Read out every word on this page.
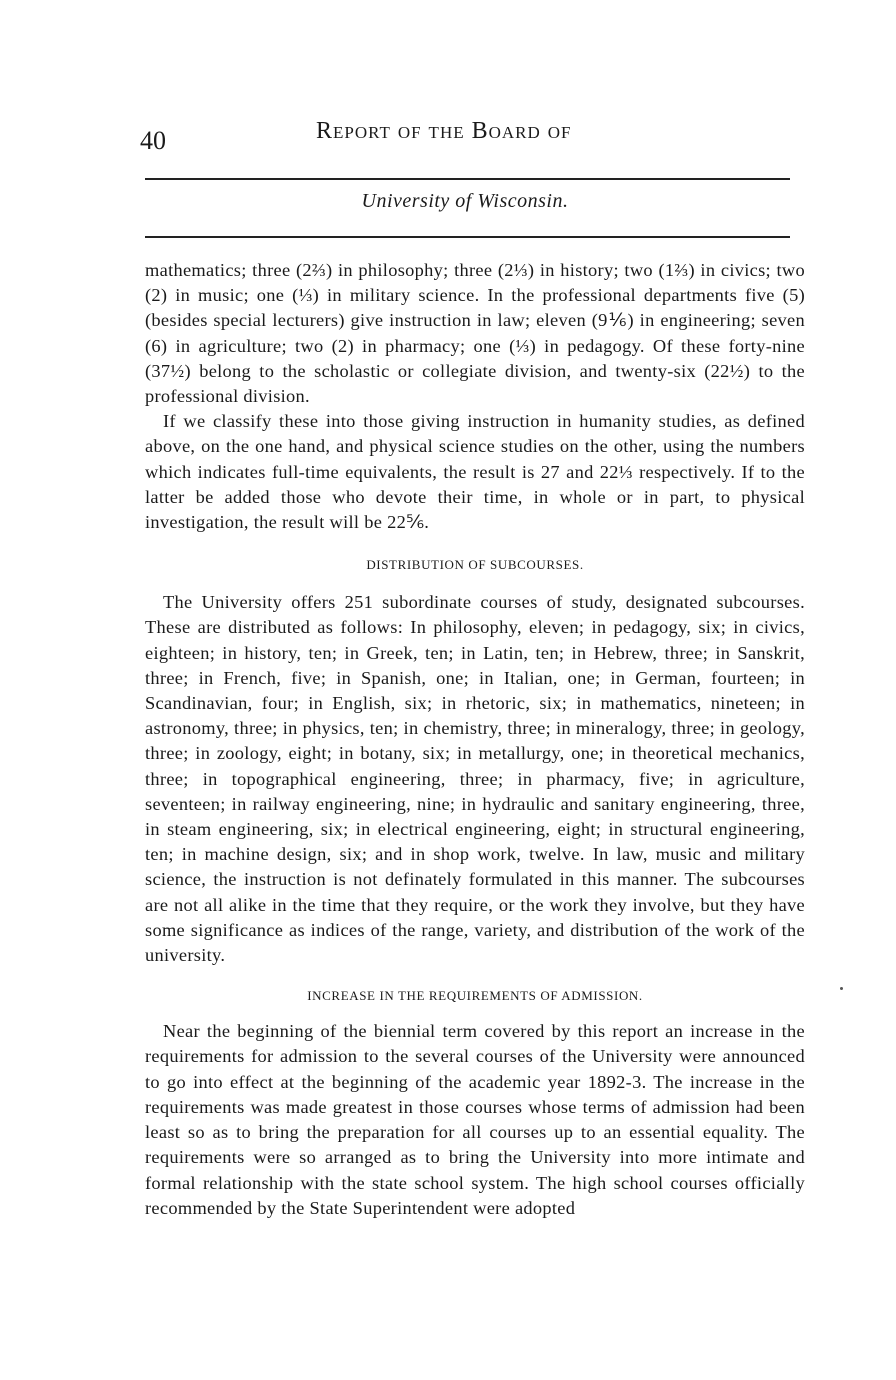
40	Report of the Board of
University of Wisconsin.

mathematics; three (2⅔) in philosophy; three (2⅓) in history; two (1⅔) in civics; two (2) in music; one (⅓) in military science. In the professional departments five (5) (besides special lecturers) give instruction in law; eleven (9⅙) in engineering; seven (6) in agriculture; two (2) in pharmacy; one (⅓) in pedagogy. Of these forty-nine (37½) belong to the scholastic or collegiate division, and twenty-six (22½) to the professional division.

If we classify these into those giving instruction in humanity studies, as defined above, on the one hand, and physical science studies on the other, using the numbers which indicates full-time equivalents, the result is 27 and 22⅓ respectively. If to the latter be added those who devote their time, in whole or in part, to physical investigation, the result will be 22⅚.

DISTRIBUTION OF SUBCOURSES.

The University offers 251 subordinate courses of study, designated subcourses. These are distributed as follows: In philosophy, eleven; in pedagogy, six; in civics, eighteen; in history, ten; in Greek, ten; in Latin, ten; in Hebrew, three; in Sanskrit, three; in French, five; in Spanish, one; in Italian, one; in German, fourteen; in Scandinavian, four; in English, six; in rhetoric, six; in mathematics, nineteen; in astronomy, three; in physics, ten; in chemistry, three; in mineralogy, three; in geology, three; in zoology, eight; in botany, six; in metallurgy, one; in theoretical mechanics, three; in topographical engineering, three; in pharmacy, five; in agriculture, seventeen; in railway engineering, nine; in hydraulic and sanitary engineering, three, in steam engineering, six; in electrical engineering, eight; in structural engineering, ten; in machine design, six; and in shop work, twelve. In law, music and military science, the instruction is not definately formulated in this manner. The subcourses are not all alike in the time that they require, or the work they involve, but they have some significance as indices of the range, variety, and distribution of the work of the university.

INCREASE IN THE REQUIREMENTS OF ADMISSION.

Near the beginning of the biennial term covered by this report an increase in the requirements for admission to the several courses of the University were announced to go into effect at the beginning of the academic year 1892-3. The increase in the requirements was made greatest in those courses whose terms of admission had been least so as to bring the preparation for all courses up to an essential equality. The requirements were so arranged as to bring the University into more intimate and formal relationship with the state school system. The high school courses officially recommended by the State Superintendent were adopted
